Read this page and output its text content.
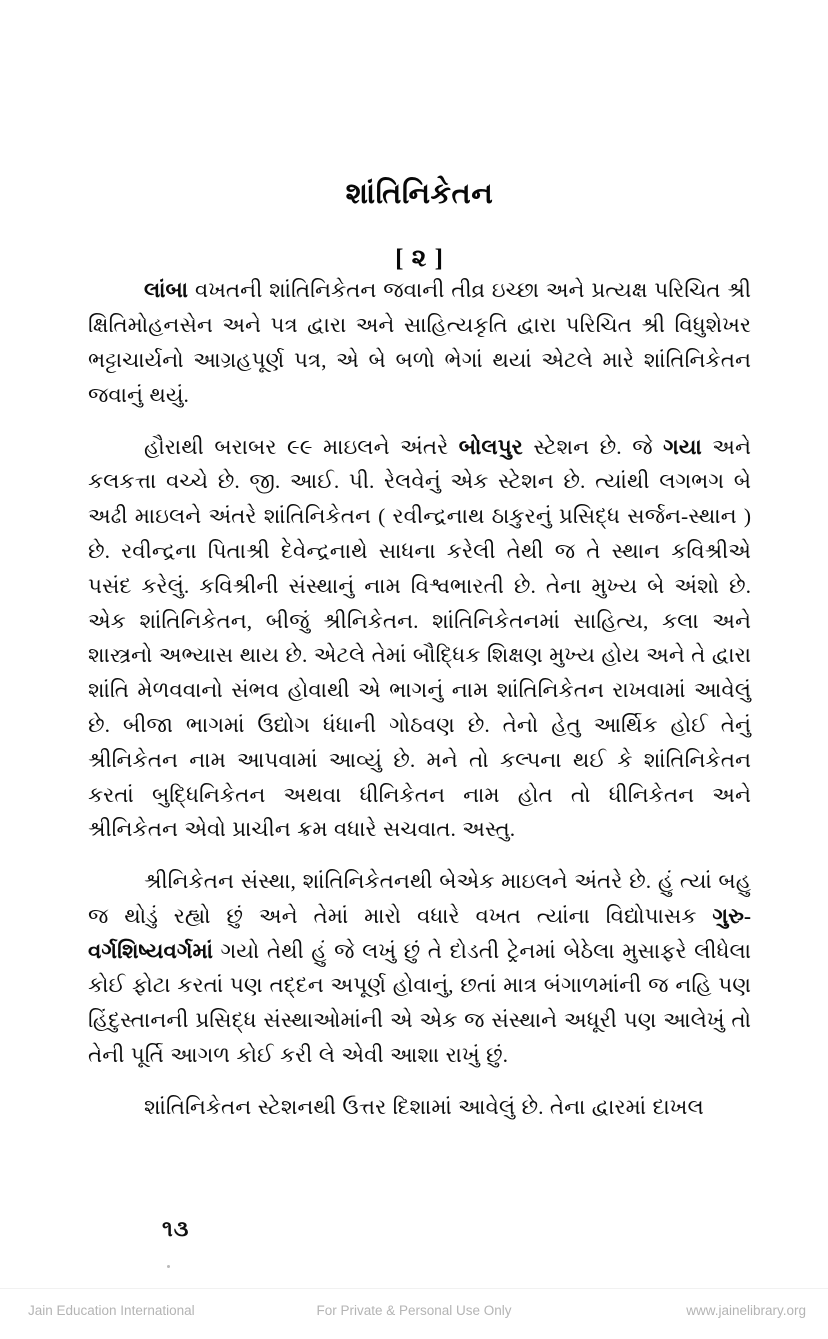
શાંતિનિકેતન
[ ૨ ]

લાંબા વખતની શાંતિનિકેતન જવાની તીવ્ર ઇચ્છા અને પ્રત્યક્ષ પરિચિત શ્રી ક્ષિતિમોહનસેન અને પત્ર દ્વારા અને સાહિત્યકૃતિ દ્વારા પરિચિત શ્રી વિધુશેખર ભટ્ટાચાર્યનો આગ્રહપૂર્ણ પત્ર, એ બે બળો ભેગાં થયાં એટલે મારે શાંતિનિકેતન જવાનું થયું.

હૌરાથી બરાબર ૯૯ માઇલને અંતરે બોલપુર સ્ટેશન છે. જે ગયા અને કલકત્તા વચ્ચે છે. જી. આઈ. પી. રેલવેનું એક સ્ટેશન છે. ત્યાંથી લગભગ બે અઢી માઇલને અંતરે શાંતિનિકેતન ( રવીન્દ્રનાથ ઠાકુરનું પ્રસિદ્ધ સર્જન-સ્થાન ) છે. રવીન્દ્રના પિતાશ્રી દેવેન્દ્રનાથે સાધના કરેલી તેથી જ તે સ્થાન કવિશ્રીએ પસંદ કરેલું. કવિશ્રીની સંસ્થાનું નામ વિશ્વભારતી છે. તેના મુખ્ય બે અંશો છે. એક શાંતિનિકેતન, બીજું શ્રીનિકેતન. શાંતિનિકેતનમાં સાહિત્ય, કલા અને શાસ્ત્રનો અભ્યાસ થાય છે. એટલે તેમાં બૌદ્ધિક શિક્ષણ મુખ્ય હોય અને તે દ્વારા શાંતિ મેળવવાનો સંભવ હોવાથી એ ભાગનું નામ શાંતિનિકેતન રાખવામાં આવેલું છે. બીજા ભાગમાં ઉદ્યોગ ધંધાની ગોઠવણ છે. તેનો હેતુ આર્થિક હોઈ તેનું શ્રીનિકેતન નામ આપવામાં આવ્યું છે. મને તો કલ્પના થઈ કે શાંતિનિકેતન કરતાં બુદ્ધિનિકેતન અથવા ધીનિકેતન નામ હોત તો ધીનિકેતન અને શ્રીનિકેતન એવો પ્રાચીન ક્રમ વધારે સચવાત. અસ્તુ.

શ્રીનિકેતન સંસ્થા, શાંતિનિકેતનથી બેએક માઇલને અંતરે છે. હું ત્યાં બહુ જ થોડું રહ્યો છું અને તેમાં મારો વધારે વખત ત્યાંના વિદ્યોપાસક ગુરુ-વર્ગશિષ્યવર્ગમાં ગયો તેથી હું જે લખું છું તે દોડતી ટ્રેનમાં બેઠેલા મુસાફરે લીધેલા કોઈ ફોટા કરતાં પણ તદ્દન અપૂર્ણ હોવાનું, છતાં માત્ર બંગાળમાંની જ નહિ પણ હિંદુસ્તાનની પ્રસિદ્ધ સંસ્થાઓમાંની એ એક જ સંસ્થાને અધૂરી પણ આલેખું તો તેની પૂર્તિ આગળ કોઈ કરી લે એવી આશા રાખું છું.

શાંતિનિકેતન સ્ટેશનથી ઉત્તર દિશામાં આવેલું છે. તેના દ્વારમાં દાખલ

૧૩
Jain Education International	For Private & Personal Use Only	www.jainelibrary.org
